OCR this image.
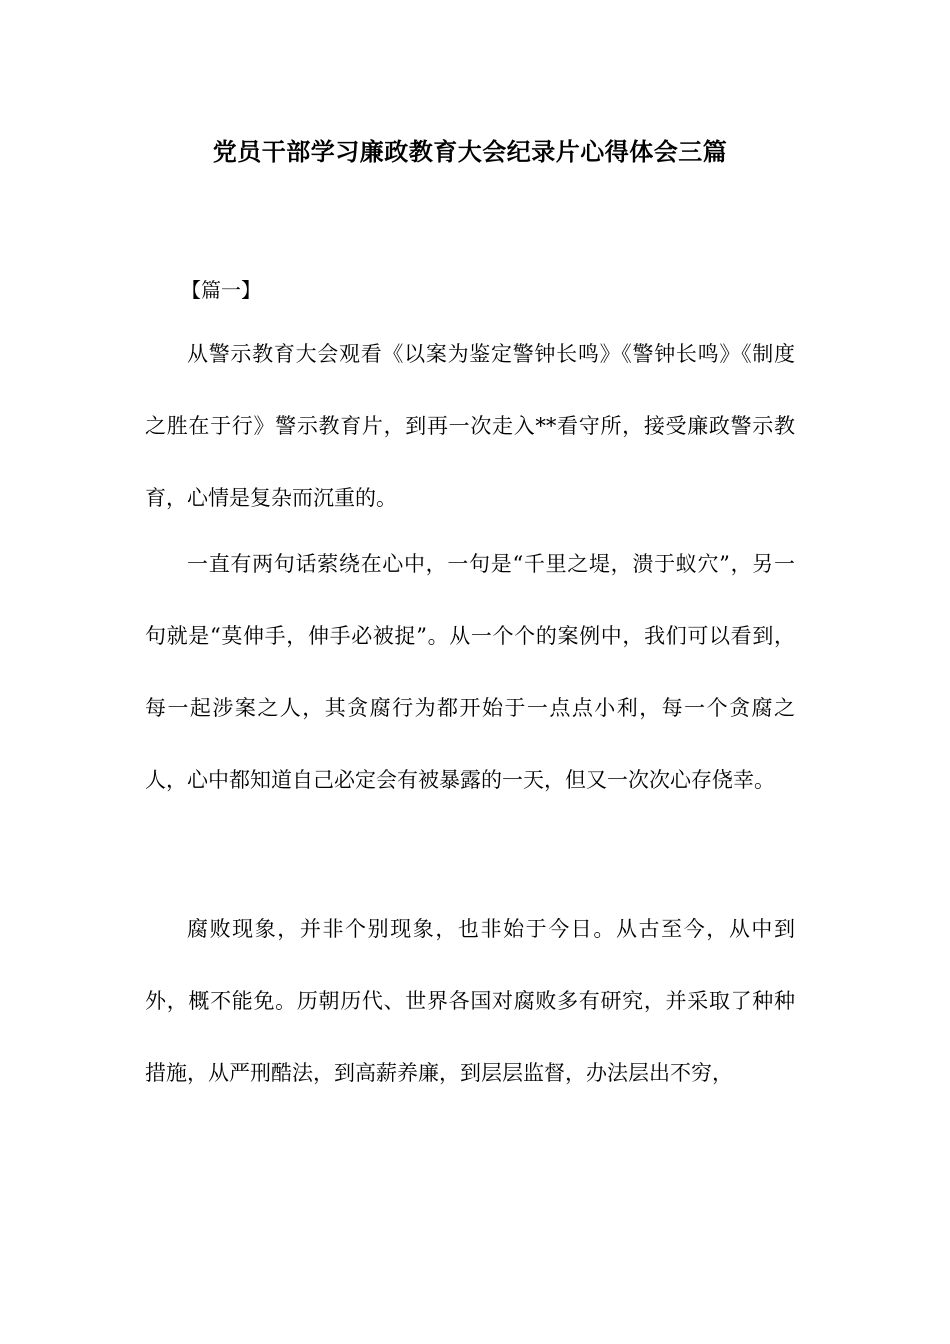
党员干部学习廉政教育大会纪录片心得体会三篇
【篇一】
从警示教育大会观看《以案为鉴定警钟长鸣》《警钟长鸣》《制度之胜在于行》警示教育片，到再一次走入**看守所，接受廉政警示教育，心情是复杂而沉重的。
一直有两句话萦绕在心中，一句是“千里之堤，溃于蚁穴”，另一句就是“莫伸手，伸手必被捉”。从一个个的案例中，我们可以看到，每一起涉案之人，其贪腐行为都开始于一点点小利，每一个贪腐之人，心中都知道自己必定会有被暴露的一天，但又一次次心存侥幸。
腐败现象，并非个别现象，也非始于今日。从古至今，从中到外，概不能免。历朝历代、世界各国对腐败多有研究，并采取了种种措施，从严刑酷法，到高薪养廉，到层层监督，办法层出不穷，
